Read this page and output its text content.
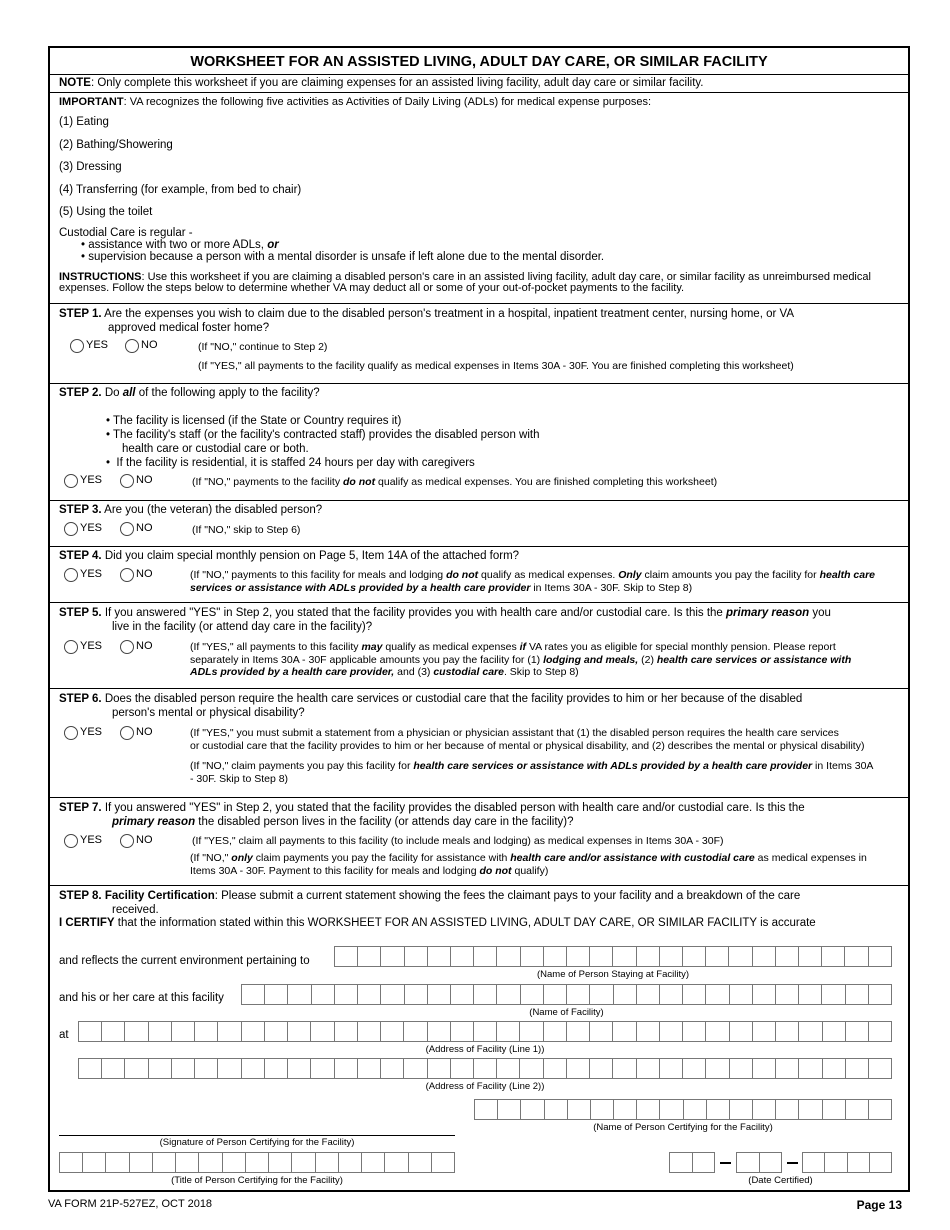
WORKSHEET FOR AN ASSISTED LIVING, ADULT DAY CARE, OR SIMILAR FACILITY
NOTE: Only complete this worksheet if you are claiming expenses for an assisted living facility, adult day care or similar facility.
IMPORTANT: VA recognizes the following five activities as Activities of Daily Living (ADLs) for medical expense purposes:
(1) Eating
(2) Bathing/Showering
(3) Dressing
(4) Transferring (for example, from bed to chair)
(5) Using the toilet
Custodial Care is regular -
• assistance with two or more ADLs, or
• supervision because a person with a mental disorder is unsafe if left alone due to the mental disorder.
INSTRUCTIONS: Use this worksheet if you are claiming a disabled person's care in an assisted living facility, adult day care, or similar facility as unreimbursed medical expenses. Follow the steps below to determine whether VA may deduct all or some of your out-of-pocket payments to the facility.
STEP 1. Are the expenses you wish to claim due to the disabled person's treatment in a hospital, inpatient treatment center, nursing home, or VA
approved medical foster home?
YES	NO	(If "NO," continue to Step 2)
(If "YES," all payments to the facility qualify as medical expenses in Items 30A - 30F. You are finished completing this worksheet)
STEP 2. Do all of the following apply to the facility?
• The facility is licensed (if the State or Country requires it)
• The facility's staff (or the facility's contracted staff) provides the disabled person with
health care or custodial care or both.
•  If the facility is residential, it is staffed 24 hours per day with caregivers
YES	NO	(If "NO," payments to the facility do not qualify as medical expenses. You are finished completing this worksheet)
STEP 3. Are you (the veteran) the disabled person?
YES	NO	(If "NO," skip to Step 6)
STEP 4. Did you claim special monthly pension on Page 5, Item 14A of the attached form?
YES	NO	(If "NO," payments to this facility for meals and lodging do not qualify as medical expenses. Only claim amounts you pay the facility for health care
services or assistance with ADLs provided by a health care provider in Items 30A - 30F. Skip to Step 8)
STEP 5. If you answered "YES" in Step 2, you stated that the facility provides you with health care and/or custodial care. Is this the primary reason you
live in the facility (or attend day care in the facility)?
YES	NO	(If "YES," all payments to this facility may qualify as medical expenses if VA rates you as eligible for special monthly pension. Please report
separately in Items 30A - 30F applicable amounts you pay the facility for (1) lodging and meals, (2) health care services or assistance with
ADLs provided by a health care provider, and (3) custodial care. Skip to Step 8)
STEP 6. Does the disabled person require the health care services or custodial care that the facility provides to him or her because of the disabled
person's mental or physical disability?
YES	NO	(If "YES," you must submit a statement from a physician or physician assistant that (1) the disabled person requires the health care services
or custodial care that the facility provides to him or her because of mental or physical disability, and (2) describes the mental or physical disability)
(If "NO," claim payments you pay this facility for health care services or assistance with ADLs provided by a health care provider in Items 30A
- 30F. Skip to Step 8)
STEP 7. If you answered "YES" in Step 2, you stated that the facility provides the disabled person with health care and/or custodial care. Is this the
primary reason the disabled person lives in the facility (or attends day care in the facility)?
YES	NO	(If "YES," claim all payments to this facility (to include meals and lodging) as medical expenses in Items 30A - 30F)
(If "NO," only claim payments you pay the facility for assistance with health care and/or assistance with custodial care as medical expenses in
Items 30A - 30F. Payment to this facility for meals and lodging do not qualify)
STEP 8. Facility Certification: Please submit a current statement showing the fees the claimant pays to your facility and a breakdown of the care
received.
I CERTIFY that the information stated within this WORKSHEET FOR AN ASSISTED LIVING, ADULT DAY CARE, OR SIMILAR FACILITY is accurate
and reflects the current environment pertaining to
(Name of Person Staying at Facility)
and his or her care at this facility
(Name of Facility)
at
(Address of Facility (Line 1))
(Address of Facility (Line 2))
(Name of Person Certifying for the Facility)
(Signature of Person Certifying for the Facility)
(Title of Person Certifying for the Facility)	(Date Certified)
VA FORM 21P-527EZ, OCT 2018	Page 13
